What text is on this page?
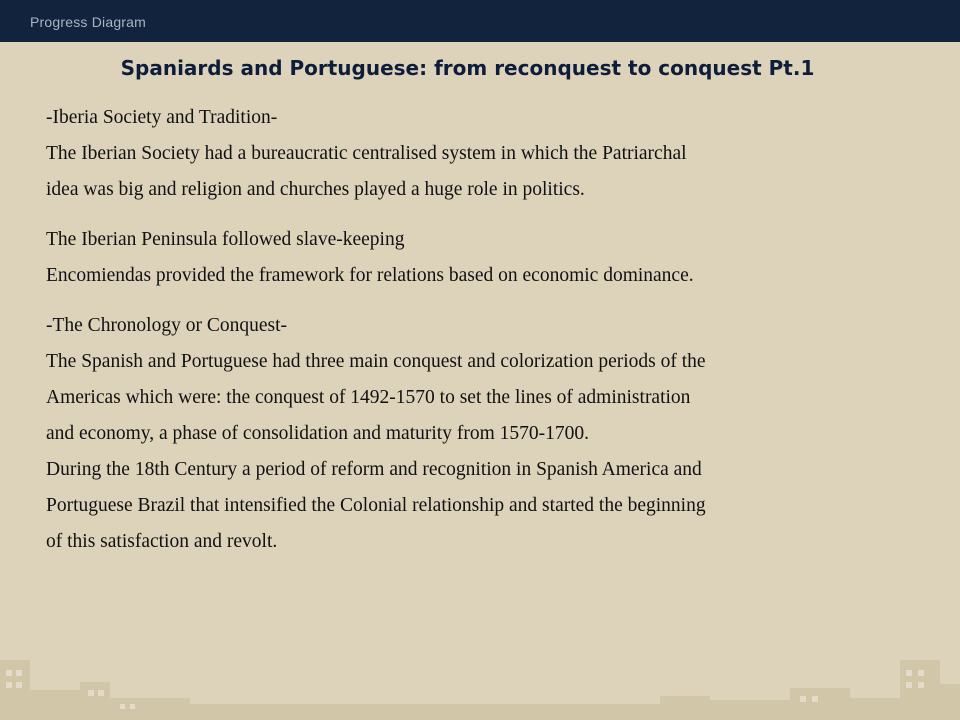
Progress Diagram
Spaniards and Portuguese: from reconquest to conquest Pt.1

-Iberia Society and Tradition-

The Iberian Society had a bureaucratic centralised system in which the Patriarchal

idea was big and religion and churches played a huge role in politics.

The Iberian Peninsula followed slave-keeping

Encomiendas provided the framework for relations based on economic dominance.

-The Chronology or Conquest-

The Spanish and Portuguese had three main conquest and colorization periods of the

Americas which were: the conquest of 1492-1570 to set the lines of administration

and economy, a phase of consolidation and maturity from 1570-1700.

During the 18th Century a period of reform and recognition in Spanish America and

Portuguese Brazil that intensified the Colonial relationship and started the beginning

of this satisfaction and revolt.
